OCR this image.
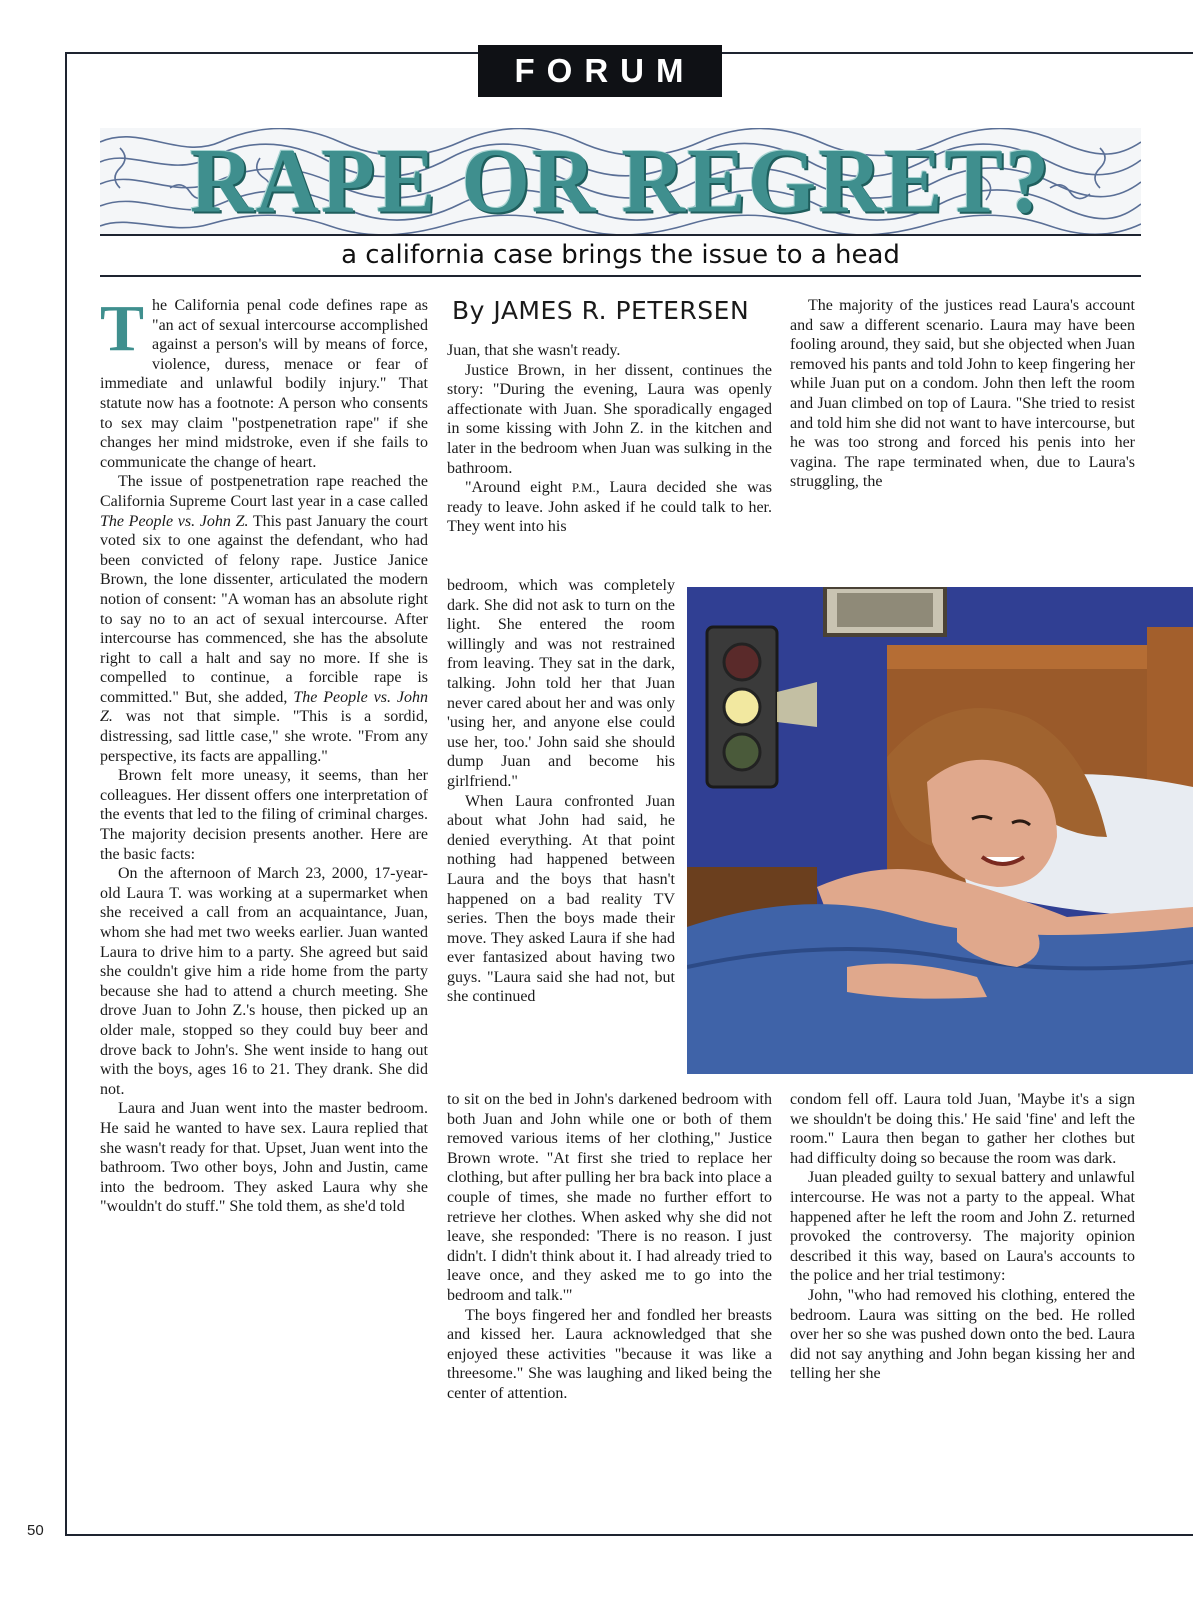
FORUM
RAPE OR REGRET?
a california case brings the issue to a head

The California penal code defines rape as "an act of sexual intercourse accomplished against a person's will by means of force, violence, duress, menace or fear of immediate and unlawful bodily injury." That statute now has a footnote: A person who consents to sex may claim "postpenetration rape" if she changes her mind midstroke, even if she fails to communicate the change of heart.

The issue of postpenetration rape reached the California Supreme Court last year in a case called The People vs. John Z. This past January the court voted six to one against the defendant, who had been convicted of felony rape. Justice Janice Brown, the lone dissenter, articulated the modern notion of consent: "A woman has an absolute right to say no to an act of sexual intercourse. After intercourse has commenced, she has the absolute right to call a halt and say no more. If she is compelled to continue, a forcible rape is committed." But, she added, The People vs. John Z. was not that simple. "This is a sordid, distressing, sad little case," she wrote. "From any perspective, its facts are appalling."

Brown felt more uneasy, it seems, than her colleagues. Her dissent offers one interpretation of the events that led to the filing of criminal charges. The majority decision presents another. Here are the basic facts:

On the afternoon of March 23, 2000, 17-year-old Laura T. was working at a supermarket when she received a call from an acquaintance, Juan, whom she had met two weeks earlier. Juan wanted Laura to drive him to a party. She agreed but said she couldn't give him a ride home from the party because she had to attend a church meeting. She drove Juan to John Z.'s house, then picked up an older male, stopped so they could buy beer and drove back to John's. She went inside to hang out with the boys, ages 16 to 21. They drank. She did not.

Laura and Juan went into the master bedroom. He said he wanted to have sex. Laura replied that she wasn't ready for that. Upset, Juan went into the bathroom. Two other boys, John and Justin, came into the bedroom. They asked Laura why she "wouldn't do stuff." She told them, as she'd told

By JAMES R. PETERSEN

Juan, that she wasn't ready.

Justice Brown, in her dissent, continues the story: "During the evening, Laura was openly affectionate with Juan. She sporadically engaged in some kissing with John Z. in the kitchen and later in the bedroom when Juan was sulking in the bathroom.

"Around eight P.M., Laura decided she was ready to leave. John asked if he could talk to her. They went into his

bedroom, which was completely dark. She did not ask to turn on the light. She entered the room willingly and was not restrained from leaving. They sat in the dark, talking. John told her that Juan never cared about her and was only 'using her, and anyone else could use her, too.' John said she should dump Juan and become his girlfriend."

When Laura confronted Juan about what John had said, he denied everything. At that point nothing had happened between Laura and the boys that hasn't happened on a bad reality TV series. Then the boys made their move. They asked Laura if she had ever fantasized about having two guys. "Laura said she had not, but she continued

to sit on the bed in John's darkened bedroom with both Juan and John while one or both of them removed various items of her clothing," Justice Brown wrote. "At first she tried to replace her clothing, but after pulling her bra back into place a couple of times, she made no further effort to retrieve her clothes. When asked why she did not leave, she responded: 'There is no reason. I just didn't. I didn't think about it. I had already tried to leave once, and they asked me to go into the bedroom and talk.'"

The boys fingered her and fondled her breasts and kissed her. Laura acknowledged that she enjoyed these activities "because it was like a threesome." She was laughing and liked being the center of attention.

The majority of the justices read Laura's account and saw a different scenario. Laura may have been fooling around, they said, but she objected when Juan removed his pants and told John to keep fingering her while Juan put on a condom. John then left the room and Juan climbed on top of Laura. "She tried to resist and told him she did not want to have intercourse, but he was too strong and forced his penis into her vagina. The rape terminated when, due to Laura's struggling, the

condom fell off. Laura told Juan, 'Maybe it's a sign we shouldn't be doing this.' He said 'fine' and left the room." Laura then began to gather her clothes but had difficulty doing so because the room was dark.

Juan pleaded guilty to sexual battery and unlawful intercourse. He was not a party to the appeal. What happened after he left the room and John Z. returned provoked the controversy. The majority opinion described it this way, based on Laura's accounts to the police and her trial testimony:

John, "who had removed his clothing, entered the bedroom. Laura was sitting on the bed. He rolled over her so she was pushed down onto the bed. Laura did not say anything and John began kissing her and telling her she

50
